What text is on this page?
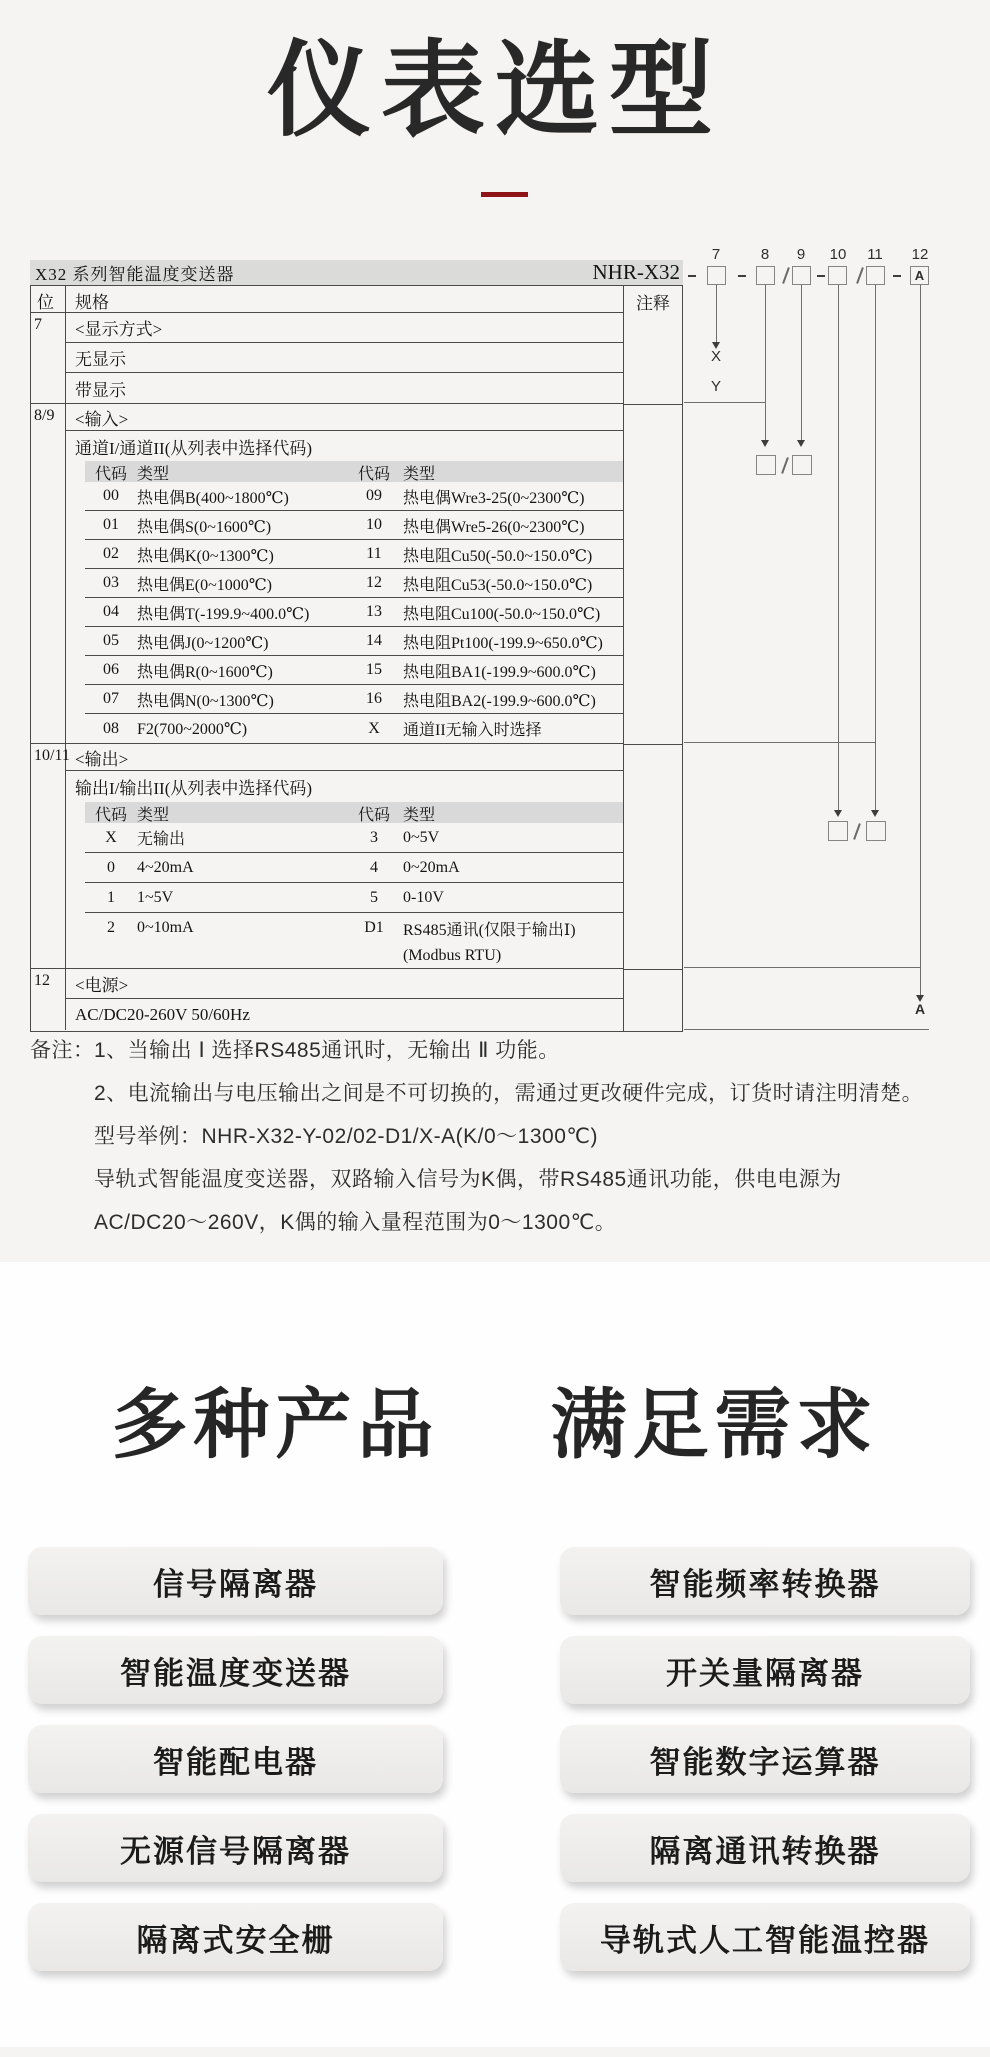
仪表选型
X32 系列智能温度变送器	NHR-X32
位	规格
7	<显示方式>
无显示
带显示
8/9	<输入>
通道I/通道II(从列表中选择代码)
代码 类型	代码 类型
00	热电偶B(400~1800℃)	09	热电偶Wre3-25(0~2300℃)
01	热电偶S(0~1600℃)	10	热电偶Wre5-26(0~2300℃)
02	热电偶K(0~1300℃)	11	热电阻Cu50(-50.0~150.0℃)
03	热电偶E(0~1000℃)	12	热电阻Cu53(-50.0~150.0℃)
04	热电偶T(-199.9~400.0℃)	13	热电阻Cu100(-50.0~150.0℃)
05	热电偶J(0~1200℃)	14	热电阻Pt100(-199.9~650.0℃)
06	热电偶R(0~1600℃)	15	热电阻BA1(-199.9~600.0℃)
07	热电偶N(0~1300℃)	16	热电阻BA2(-199.9~600.0℃)
08	F2(700~2000℃)	X	通道II无输入时选择
10/11 <输出>
输出I/输出II(从列表中选择代码)
代码 类型	代码 类型
X	无输出	3	0~5V
0	4~20mA	4	0~20mA
1	1~5V	5	0-10V
2	0~10mA	D1	RS485通讯(仅限于输出Ⅰ)
(Modbus RTU)
12	<电源>
AC/DC20-260V 50/60Hz
注释
7	8	9	10 11 12
A
X
Y
A
备注： 1、当输出 Ⅰ 选择RS485通讯时，无输出 Ⅱ 功能。
2、电流输出与电压输出之间是不可切换的，需通过更改硬件完成，订货时请注明清楚。
型号举例：NHR-X32-Y-02/02-D1/X-A(K/0～1300℃)
导轨式智能温度变送器，双路输入信号为K偶，带RS485通讯功能，供电电源为
AC/DC20～260V，K偶的输入量程范围为0～1300℃。
多种产品 满足需求
信号隔离器
智能温度变送器
智能配电器
无源信号隔离器
隔离式安全栅
智能频率转换器
开关量隔离器
智能数字运算器
隔离通讯转换器
导轨式人工智能温控器
